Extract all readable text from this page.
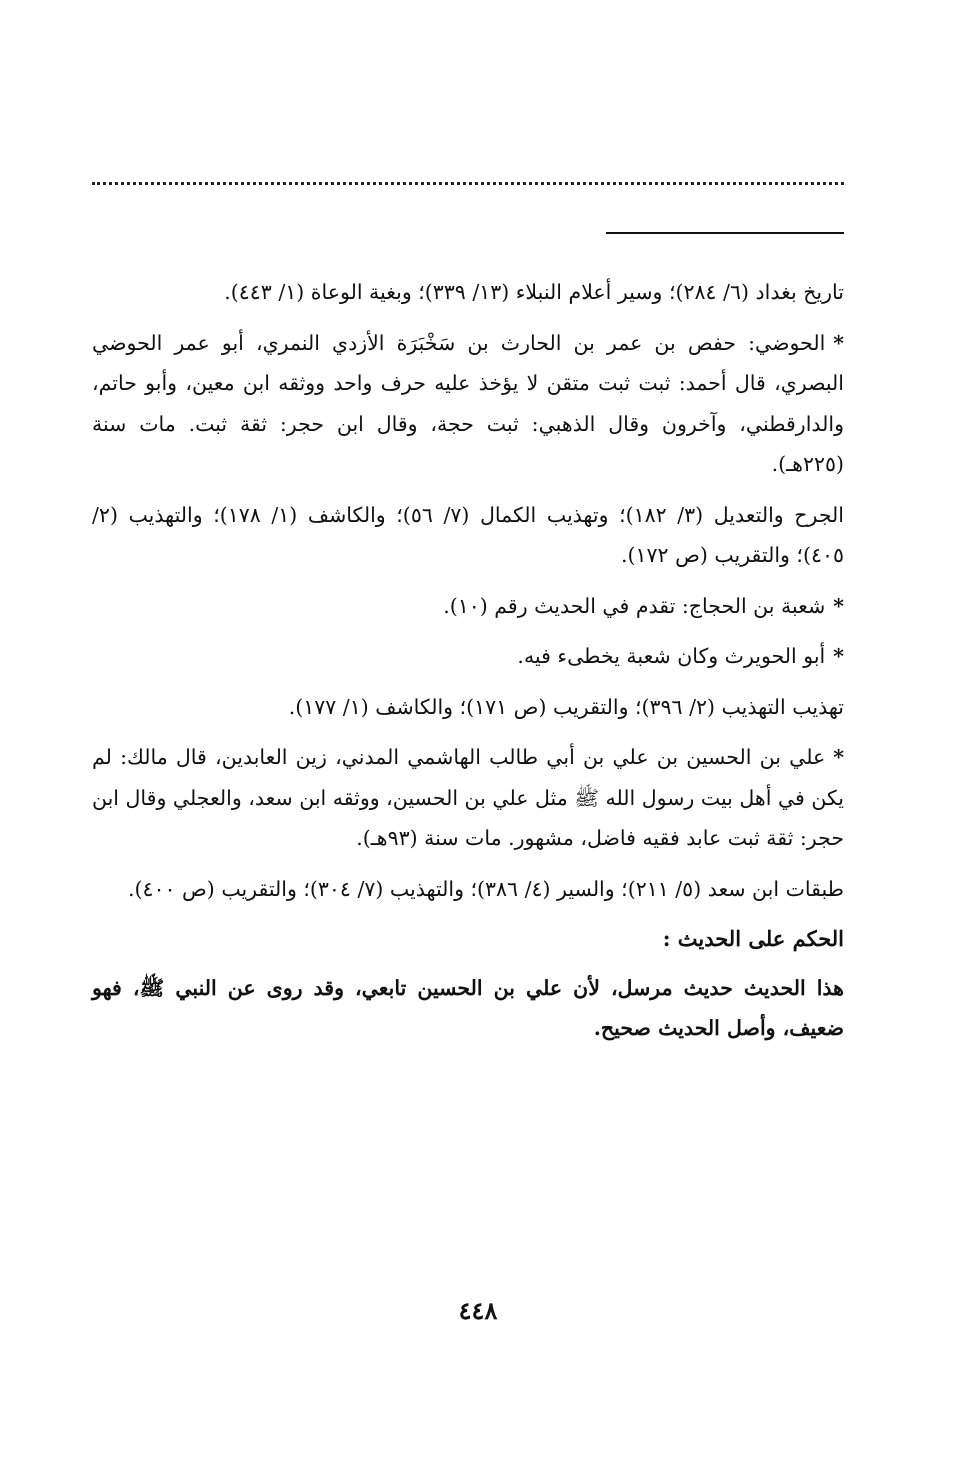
تاريخ بغداد (٦/ ٢٨٤)؛ وسير أعلام النبلاء (١٣/ ٣٣٩)؛ وبغية الوعاة (١/ ٤٤٣).

*الحوضي: حفص بن عمر بن الحارث بن سَخْبَرَة الأزدي النمري، أبو عمر الحوضي البصري، قال أحمد: ثبت ثبت متقن لا يؤخذ عليه حرف واحد ووثقه ابن معين، وأبو حاتم، والدارقطني، وآخرون وقال الذهبي: ثبت حجة، وقال ابن حجر: ثقة ثبت. مات سنة (٢٢٥هـ).

الجرح والتعديل (٣/ ١٨٢)؛ وتهذيب الكمال (٧/ ٥٦)؛ والكاشف (١/ ١٧٨)؛ والتهذيب (٢/ ٤٠٥)؛ والتقريب (ص ١٧٢).

*شعبة بن الحجاج: تقدم في الحديث رقم (١٠).

*أبو الحويرث وكان شعبة يخطىء فيه.

تهذيب التهذيب (٢/ ٣٩٦)؛ والتقريب (ص ١٧١)؛ والكاشف (١/ ١٧٧).

*علي بن الحسين بن علي بن أبي طالب الهاشمي المدني، زين العابدين، قال مالك: لم يكن في أهل بيت رسول الله ﷺ مثل علي بن الحسين، ووثقه ابن سعد، والعجلي وقال ابن حجر: ثقة ثبت عابد فقيه فاضل، مشهور. مات سنة (٩٣هـ).

طبقات ابن سعد (٥/ ٢١١)؛ والسير (٤/ ٣٨٦)؛ والتهذيب (٧/ ٣٠٤)؛ والتقريب (ص ٤٠٠).

الحكم على الحديث :

هذا الحديث حديث مرسل، لأن علي بن الحسين تابعي، وقد روى عن النبي ﷺ، فهو ضعيف، وأصل الحديث صحيح.

٤٤٨
